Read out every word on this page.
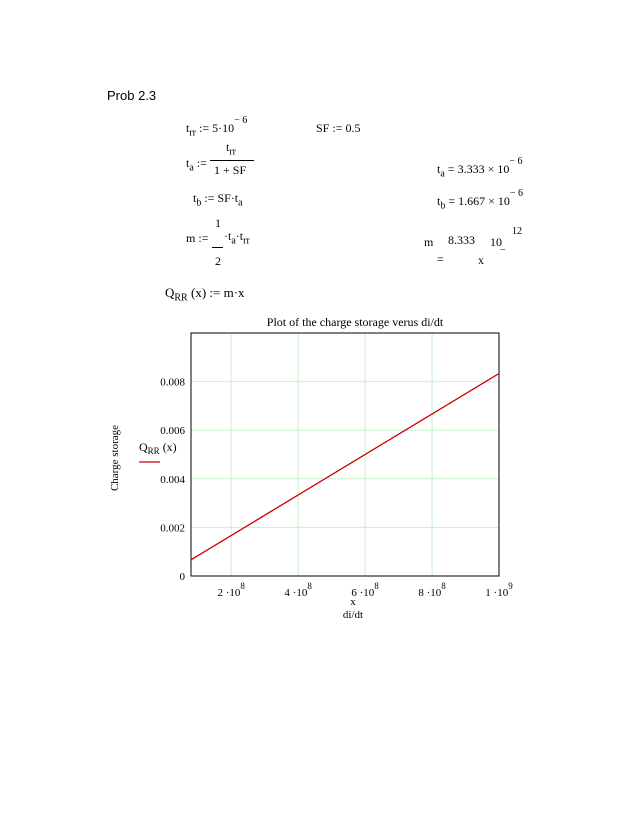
Prob 2.3
$t_{rr}$ := $5\cdot 10^{- 6}$
SF := 0.5
$t_a$ :=
$t_{rr}$
1 + SF	$t_a = 3.333 \times 10^{- 6}$
$t_b$ := $SF\cdot t_a$	$t_b = 1.667 \times 10^{- 6}$
m :=
1
2
$\cdot t_a\cdot t_{rr}$	m 8.333 10
12
=	x
−
$Q_{RR}$ (x) := m·x
Plot of the charge storage verus di/dt
0
0.002
0.004
0.006
0.008
$2 \cdot 10^8$
$4 \cdot 10^8$
$6 \cdot 10^8$
$8 \cdot 10^8$
$1 \cdot 10^9$
x
di/dt
Charge storage $Q_{RR}$ (x)
